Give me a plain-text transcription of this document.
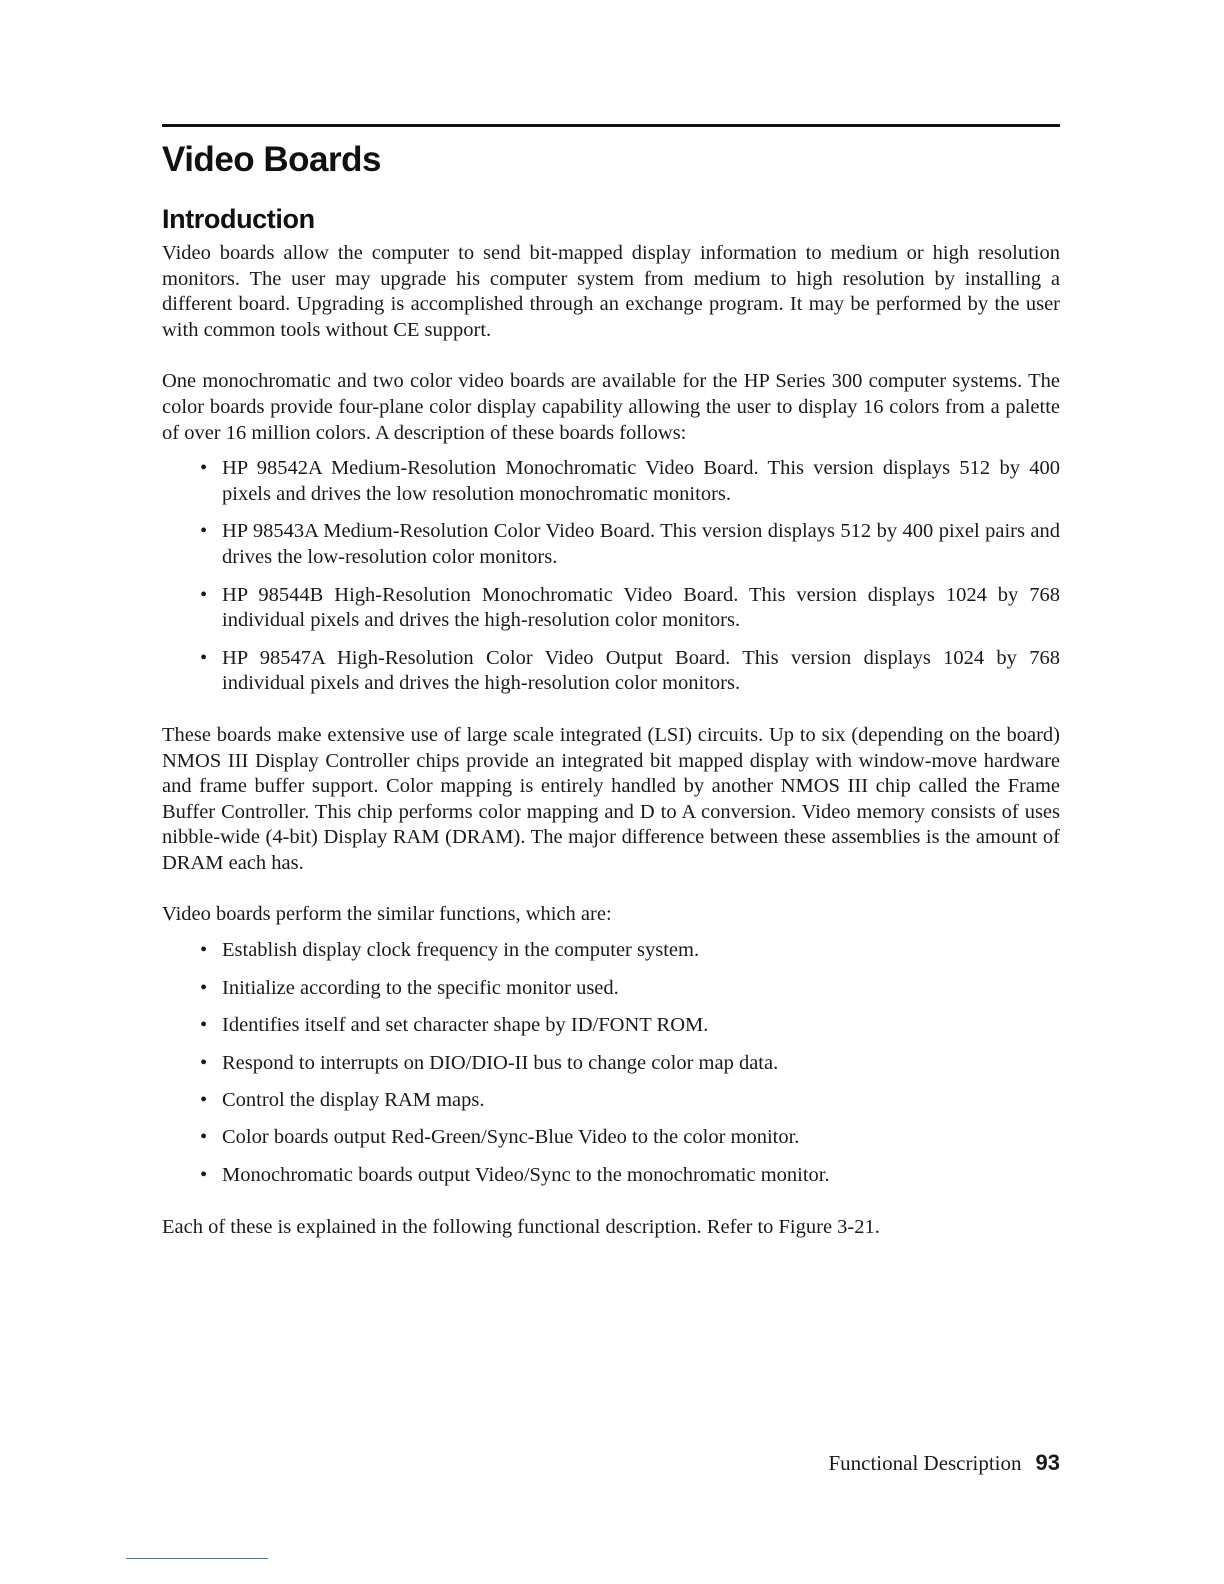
Video Boards
Introduction

Video boards allow the computer to send bit-mapped display information to medium or high resolution monitors. The user may upgrade his computer system from medium to high resolution by installing a different board. Upgrading is accomplished through an exchange program. It may be performed by the user with common tools without CE support.

One monochromatic and two color video boards are available for the HP Series 300 computer systems. The color boards provide four-plane color display capability allowing the user to display 16 colors from a palette of over 16 million colors. A description of these boards follows:

• HP 98542A Medium-Resolution Monochromatic Video Board. This version displays 512 by 400 pixels and drives the low resolution monochromatic monitors.
• HP 98543A Medium-Resolution Color Video Board. This version displays 512 by 400 pixel pairs and drives the low-resolution color monitors.
• HP 98544B High-Resolution Monochromatic Video Board. This version displays 1024 by 768 individual pixels and drives the high-resolution color monitors.
• HP 98547A High-Resolution Color Video Output Board. This version displays 1024 by 768 individual pixels and drives the high-resolution color monitors.

These boards make extensive use of large scale integrated (LSI) circuits. Up to six (depending on the board) NMOS III Display Controller chips provide an integrated bit mapped display with window-move hardware and frame buffer support. Color mapping is entirely handled by another NMOS III chip called the Frame Buffer Controller. This chip performs color mapping and D to A conversion. Video memory consists of uses nibble-wide (4-bit) Display RAM (DRAM). The major difference between these assemblies is the amount of DRAM each has.

Video boards perform the similar functions, which are:

• Establish display clock frequency in the computer system.
• Initialize according to the specific monitor used.
• Identifies itself and set character shape by ID/FONT ROM.
• Respond to interrupts on DIO/DIO-II bus to change color map data.
• Control the display RAM maps.
• Color boards output Red-Green/Sync-Blue Video to the color monitor.
• Monochromatic boards output Video/Sync to the monochromatic monitor.

Each of these is explained in the following functional description. Refer to Figure 3-21.

Functional Description 93
